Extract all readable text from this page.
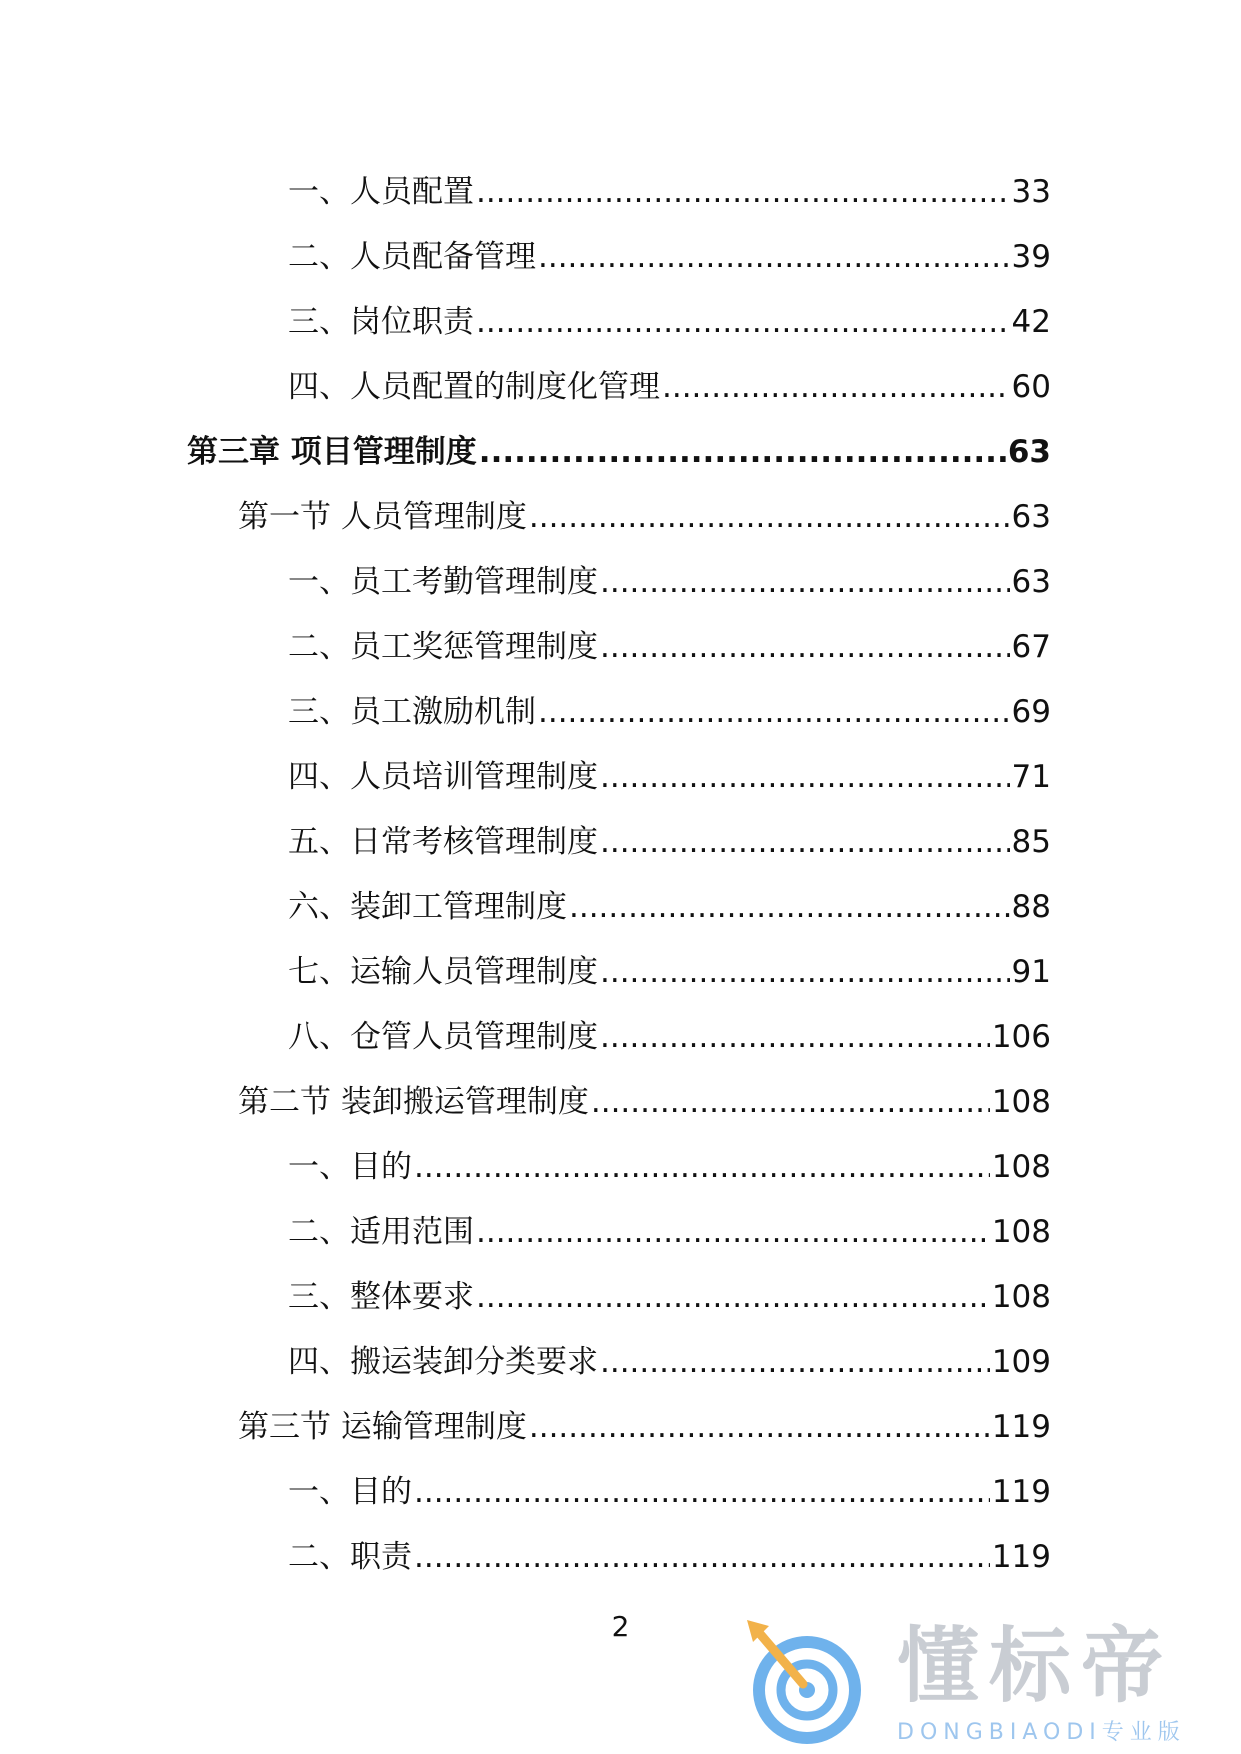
一、人员配置 .....	33
二、人员配备管理 .....	39
三、岗位职责 .....	42
四、人员配置的制度化管理 .....	60
第三章 项目管理制度 .....	63
第一节 人员管理制度 .....	63
一、员工考勤管理制度 .....	63
二、员工奖惩管理制度 .....	67
三、员工激励机制 .....	69
四、人员培训管理制度 .....	71
五、日常考核管理制度 .....	85
六、装卸工管理制度 .....	88
七、运输人员管理制度 .....	91
八、仓管人员管理制度 .....	106
第二节 装卸搬运管理制度 .....	108
一、目的 .....	108
二、适用范围 .....	108
三、整体要求 .....	108
四、搬运装卸分类要求 .....	109
第三节 运输管理制度 .....	119
一、目的 .....	119
二、职责 .....	119
2	懂标帝
DONGBIAODI专业版
